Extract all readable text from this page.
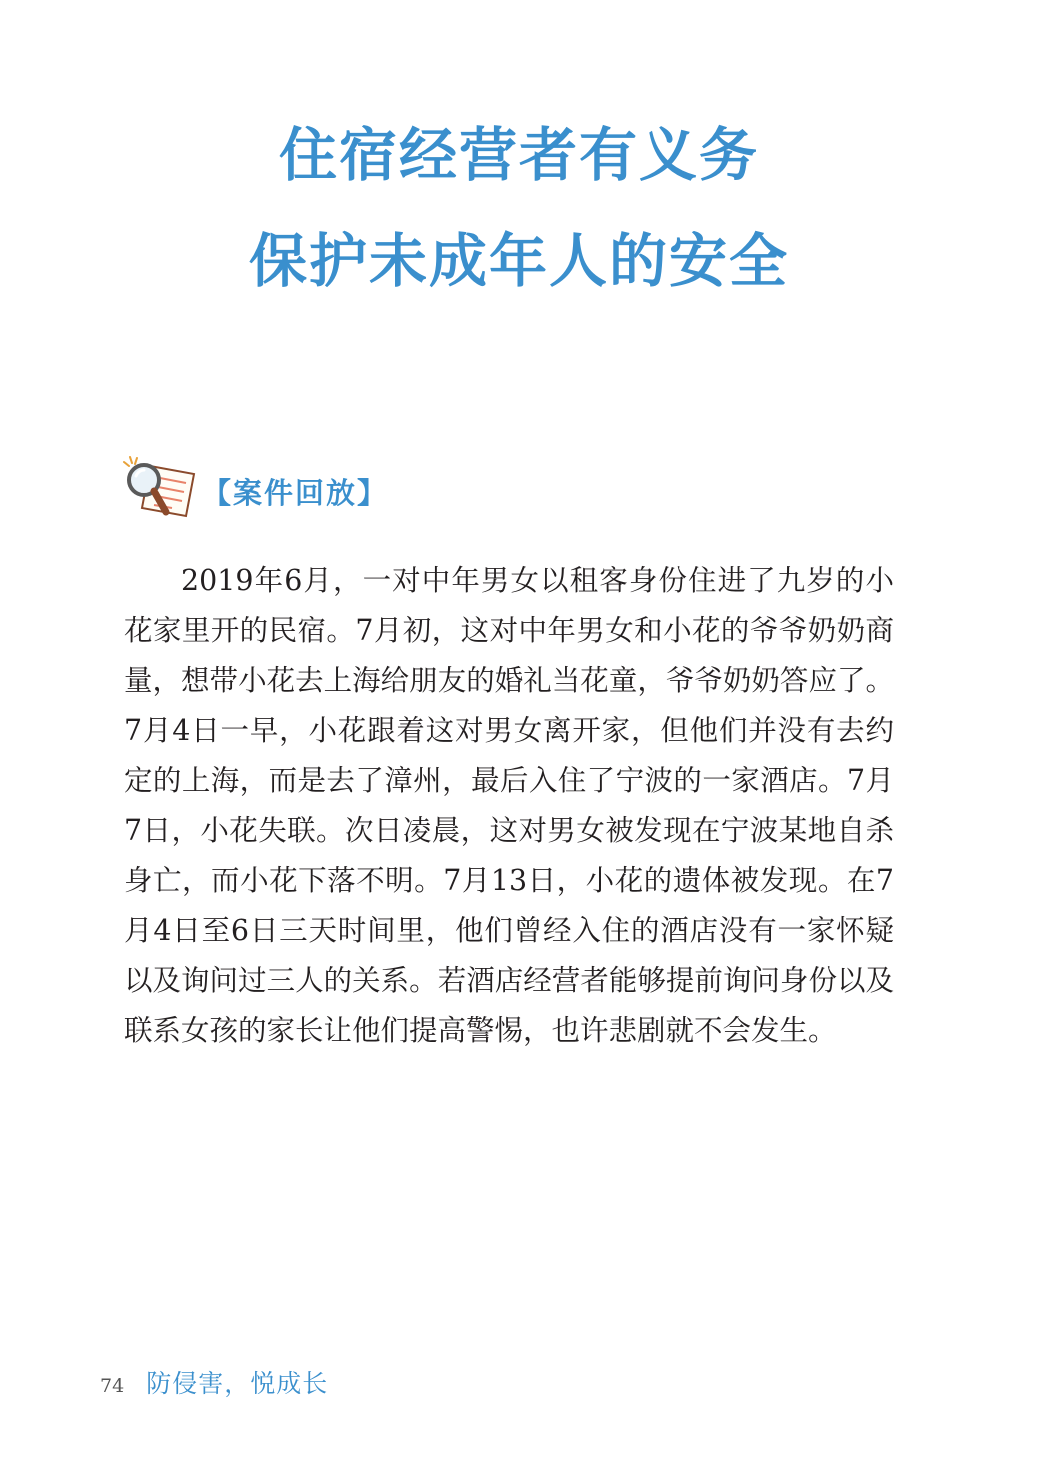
住宿经营者有义务
保护未成年人的安全
【案件回放】

2019年6月，一对中年男女以租客身份住进了九岁的小花家里开的民宿。7月初，这对中年男女和小花的爷爷奶奶商量，想带小花去上海给朋友的婚礼当花童，爷爷奶奶答应了。7月4日一早，小花跟着这对男女离开家，但他们并没有去约定的上海，而是去了漳州，最后入住了宁波的一家酒店。7月7日，小花失联。次日凌晨，这对男女被发现在宁波某地自杀身亡，而小花下落不明。7月13日，小花的遗体被发现。在7月4日至6日三天时间里，他们曾经入住的酒店没有一家怀疑以及询问过三人的关系。若酒店经营者能够提前询问身份以及联系女孩的家长让他们提高警惕，也许悲剧就不会发生。

74 防侵害，悦成长
